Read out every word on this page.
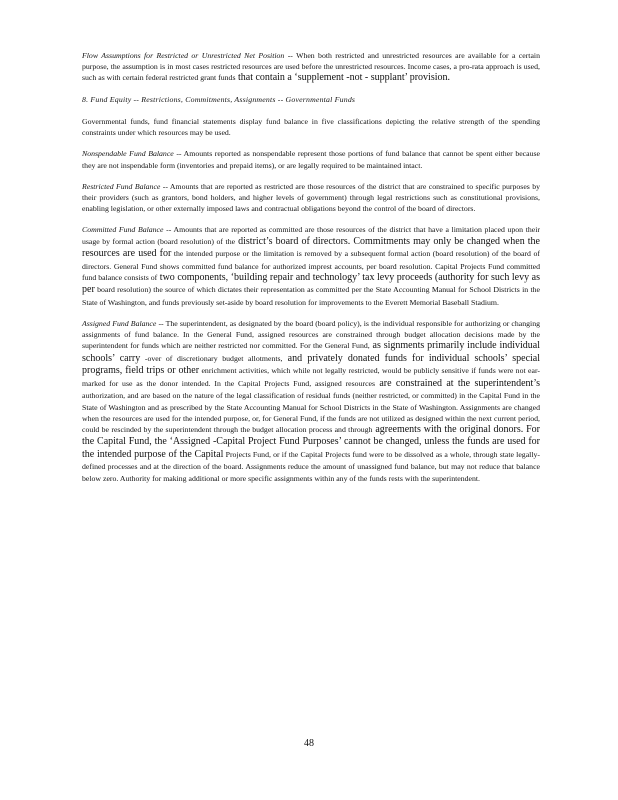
Flow Assumptions for Restricted or Unrestricted Net Position -- When both restricted and unrestricted resources are available for a certain purpose, the assumption is in most cases restricted resources are used before the unrestricted resources. Income cases, a pro-rata approach is used, such as with certain federal restricted grant funds that contain a ‘supplement -not - supplant’ provision.

8. Fund Equity -- Restrictions, Commitments, Assignments -- Governmental Funds

Governmental funds, fund financial statements display fund balance in five classifications depicting the relative strength of the spending constraints under which resources may be used.

Nonspendable Fund Balance -- Amounts reported as nonspendable represent those portions of fund balance that cannot be spent either because they are not inspendable form (inventories and prepaid items), or are legally required to be maintained intact.

Restricted Fund Balance -- Amounts that are reported as restricted are those resources of the district that are constrained to specific purposes by their providers (such as grantors, bond holders, and higher levels of government) through legal restrictions such as constitutional provisions, enabling legislation, or other externally imposed laws and contractual obligations beyond the control of the board of directors.

Committed Fund Balance -- Amounts that are reported as committed are those resources of the district that have a limitation placed upon their usage by formal action (board resolution) of the district’s board of directors. Commitments may only be changed when the resources are used for the intended purpose or the limitation is removed by a subsequent formal action (board resolution) of the board of directors. General Fund shows committed fund balance for authorized imprest accounts, per board resolution. Capital Projects Fund committed fund balance consists of two components, ‘building repair and technology’ tax levy proceeds (authority for such levy as per board resolution) the source of which dictates their representation as committed per the State Accounting Manual for School Districts in the State of Washington, and funds previously set-aside by board resolution for improvements to the Everett Memorial Baseball Stadium.

Assigned Fund Balance -- The superintendent, as designated by the board (board policy), is the individual responsible for authorizing or changing assignments of fund balance. In the General Fund, assigned resources are constrained through budget allocation decisions made by the superintendent for funds which are neither restricted nor committed. For the General Fund, as signments primarily include individual schools’ carry -over of discretionary budget allotments, and privately donated funds for individual schools’ special programs, field trips or other enrichment activities, which while not legally restricted, would be publicly sensitive if funds were not ear-marked for use as the donor intended. In the Capital Projects Fund, assigned resources are constrained at the superintendent’s authorization, and are based on the nature of the legal classification of residual funds (neither restricted, or committed) in the Capital Fund in the State of Washington and as prescribed by the State Accounting Manual for School Districts in the State of Washington. Assignments are changed when the resources are used for the intended purpose, or, for General Fund, if the funds are not utilized as designed within the next current period, could be rescinded by the superintendent through the budget allocation process and through agreements with the original donors. For the Capital Fund, the ‘Assigned -Capital Project Fund Purposes’ cannot be changed, unless the funds are used for the intended purpose of the Capital Projects Fund, or if the Capital Projects fund were to be dissolved as a whole, through state legally-defined processes and at the direction of the board. Assignments reduce the amount of unassigned fund balance, but may not reduce that balance below zero. Authority for making additional or more specific assignments within any of the funds rests with the superintendent.

48
